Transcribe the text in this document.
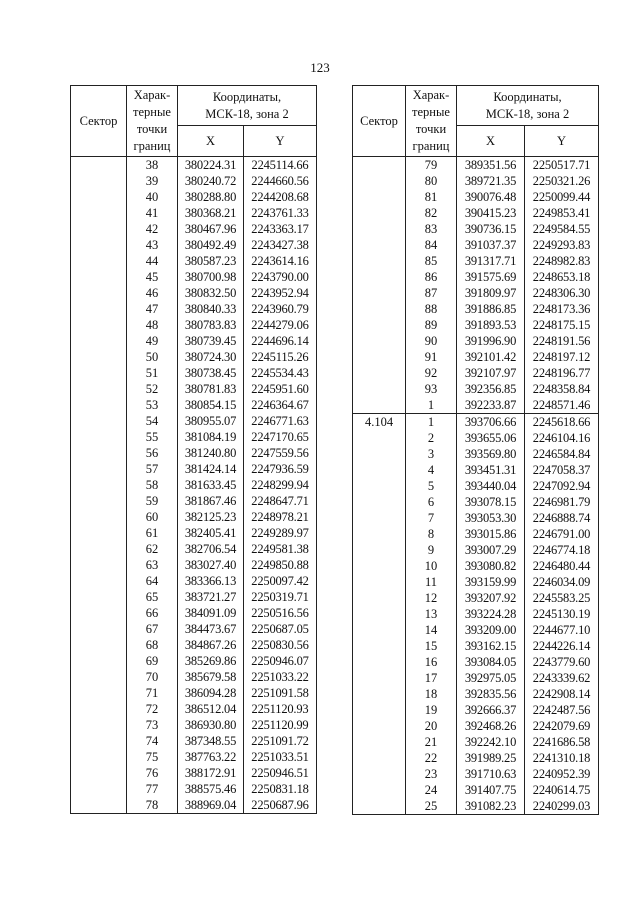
123
Сектор	Харак-
терные
точки
границ	Координаты,
МСК-18, зона 2	
		X	Y
	38	380224.31	2245114.66
	39	380240.72	2244660.56
	40	380288.80	2244208.68
	41	380368.21	2243761.33
	42	380467.96	2243363.17
	43	380492.49	2243427.38
	44	380587.23	2243614.16
	45	380700.98	2243790.00
	46	380832.50	2243952.94
	47	380840.33	2243960.79
	48	380783.83	2244279.06
	49	380739.45	2244696.14
	50	380724.30	2245115.26
	51	380738.45	2245534.43
	52	380781.83	2245951.60
	53	380854.15	2246364.67
	54	380955.07	2246771.63
	55	381084.19	2247170.65
	56	381240.80	2247559.56
	57	381424.14	2247936.59
	58	381633.45	2248299.94
	59	381867.46	2248647.71
	60	382125.23	2248978.21
	61	382405.41	2249289.97
	62	382706.54	2249581.38
	63	383027.40	2249850.88
	64	383366.13	2250097.42
	65	383721.27	2250319.71
	66	384091.09	2250516.56
	67	384473.67	2250687.05
	68	384867.26	2250830.56
	69	385269.86	2250946.07
	70	385679.58	2251033.22
	71	386094.28	2251091.58
	72	386512.04	2251120.93
	73	386930.80	2251120.99
	74	387348.55	2251091.72
	75	387763.22	2251033.51
	76	388172.91	2250946.51
	77	388575.46	2250831.18
	78	388969.04	2250687.96
Сектор	Харак-
терные
точки
границ	Координаты,
МСК-18, зона 2	
		X	Y
	79	389351.56	2250517.71
	80	389721.35	2250321.26
	81	390076.48	2250099.44
	82	390415.23	2249853.41
	83	390736.15	2249584.55
	84	391037.37	2249293.83
	85	391317.71	2248982.83
	86	391575.69	2248653.18
	87	391809.97	2248306.30
	88	391886.85	2248173.36
	89	391893.53	2248175.15
	90	391996.90	2248191.56
	91	392101.42	2248197.12
	92	392107.97	2248196.77
	93	392356.85	2248358.84
	1	392233.87	2248571.46
4.104	1	393706.66	2245618.66
	2	393655.06	2246104.16
	3	393569.80	2246584.84
	4	393451.31	2247058.37
	5	393440.04	2247092.94
	6	393078.15	2246981.79
	7	393053.30	2246888.74
	8	393015.86	2246791.00
	9	393007.29	2246774.18
	10	393080.82	2246480.44
	11	393159.99	2246034.09
	12	393207.92	2245583.25
	13	393224.28	2245130.19
	14	393209.00	2244677.10
	15	393162.15	2244226.14
	16	393084.05	2243779.60
	17	392975.05	2243339.62
	18	392835.56	2242908.14
	19	392666.37	2242487.56
	20	392468.26	2242079.69
	21	392242.10	2241686.58
	22	391989.25	2241310.18
	23	391710.63	2240952.39
	24	391407.75	2240614.75
	25	391082.23	2240299.03
